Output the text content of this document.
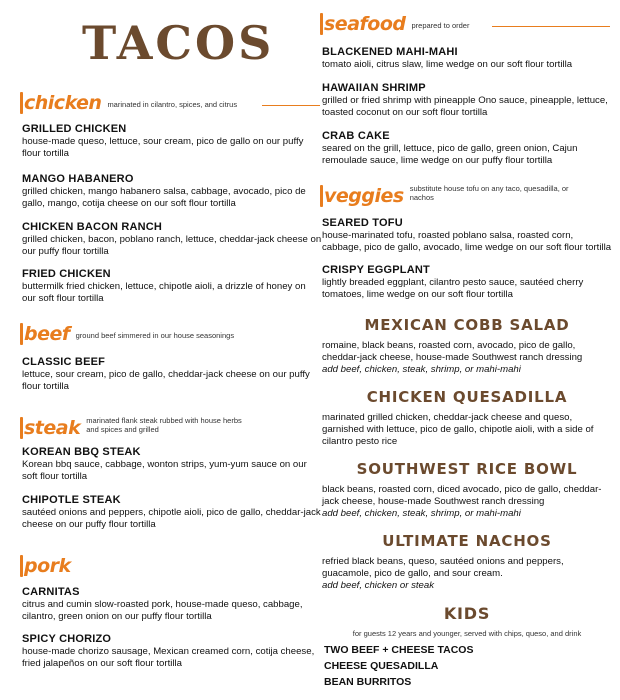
TACOS
chicken marinated in cilantro, spices, and citrus
GRILLED CHICKEN
house-made queso, lettuce, sour cream, pico de gallo on our puffy flour tortilla
MANGO HABANERO
grilled chicken, mango habanero salsa, cabbage, avocado, pico de gallo, mango, cotija cheese on our soft flour tortilla
CHICKEN BACON RANCH
grilled chicken, bacon, poblano ranch, lettuce, cheddar-jack cheese on our puffy flour tortilla
FRIED CHICKEN
buttermilk fried chicken, lettuce, chipotle aioli, a drizzle of honey on our soft flour tortilla
beef ground beef simmered in our house seasonings
CLASSIC BEEF
lettuce, sour cream, pico de gallo, cheddar-jack cheese on our puffy flour tortilla
steak marinated flank steak rubbed with house herbs and spices and grilled
KOREAN BBQ STEAK
Korean bbq sauce, cabbage, wonton strips, yum-yum sauce on our soft flour tortilla
CHIPOTLE STEAK
sautéed onions and peppers, chipotle aioli, pico de gallo, cheddar-jack cheese on our puffy flour tortilla
pork
CARNITAS
citrus and cumin slow-roasted pork, house-made queso, cabbage, cilantro, green onion on our puffy flour tortilla
SPICY CHORIZO
house-made chorizo sausage, Mexican creamed corn, cotija cheese, fried jalapeños on our soft flour tortilla
seafood prepared to order
BLACKENED MAHI-MAHI
tomato aioli, citrus slaw, lime wedge on our soft flour tortilla
HAWAIIAN SHRIMP
grilled or fried shrimp with pineapple Ono sauce, pineapple, lettuce, toasted coconut on our soft flour tortilla
CRAB CAKE
seared on the grill, lettuce, pico de gallo, green onion, Cajun remoulade sauce, lime wedge on our puffy flour tortilla
veggies substitute house tofu on any taco, quesadilla, or nachos
SEARED TOFU
house-marinated tofu, roasted poblano salsa, roasted corn, cabbage, pico de gallo, avocado, lime wedge on our soft flour tortilla
CRISPY EGGPLANT
lightly breaded eggplant, cilantro pesto sauce, sautéed cherry tomatoes, lime wedge on our soft flour tortilla
MEXICAN COBB SALAD
romaine, black beans, roasted corn, avocado, pico de gallo, cheddar-jack cheese, house-made Southwest ranch dressing
add beef, chicken, steak, shrimp, or mahi-mahi
CHICKEN QUESADILLA
marinated grilled chicken, cheddar-jack cheese and queso, garnished with lettuce, pico de gallo, chipotle aioli, with a side of cilantro pesto rice
SOUTHWEST RICE BOWL
black beans, roasted corn, diced avocado, pico de gallo, cheddar-jack cheese, house-made Southwest ranch dressing
add beef, chicken, steak, shrimp, or mahi-mahi
ULTIMATE NACHOS
refried black beans, queso, sautéed onions and peppers, guacamole, pico de gallo, and sour cream.
add beef, chicken or steak
KIDS
for guests 12 years and younger, served with chips, queso, and drink
TWO BEEF + CHEESE TACOS
CHEESE QUESADILLA
BEAN BURRITOS
